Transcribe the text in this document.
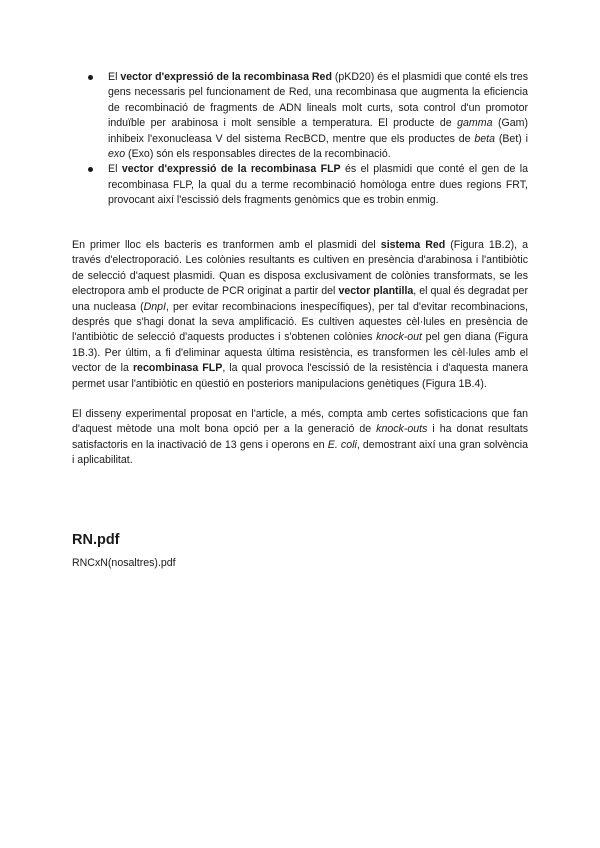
El vector d'expressió de la recombinasa Red (pKD20) és el plasmidi que conté els tres gens necessaris pel funcionament de Red, una recombinasa que augmenta la eficiencia de recombinació de fragments de ADN lineals molt curts, sota control d'un promotor induïble per arabinosa i molt sensible a temperatura. El producte de gamma (Gam) inhibeix l'exonucleasa V del sistema RecBCD, mentre que els productes de beta (Bet) i exo (Exo) són els responsables directes de la recombinació.
El vector d'expressió de la recombinasa FLP és el plasmidi que conté el gen de la recombinasa FLP, la qual du a terme recombinació homòloga entre dues regions FRT, provocant així l'escissió dels fragments genòmics que es trobin enmig.

En primer lloc els bacteris es tranformen amb el plasmidi del sistema Red (Figura 1B.2), a través d'electroporació. Les colònies resultants es cultiven en presència d'arabinosa i l'antibiòtic de selecció d'aquest plasmidi. Quan es disposa exclusivament de colònies transformats, se les electropora amb el producte de PCR originat a partir del vector plantilla, el qual és degradat per una nucleasa (DnpI, per evitar recombinacions inespecífiques), per tal d'evitar recombinacions, després que s'hagi donat la seva amplificació. Es cultiven aquestes cèl·lules en presència de l'antibiòtic de selecció d'aquests productes i s'obtenen colònies knock-out pel gen diana (Figura 1B.3). Per últim, a fi d'eliminar aquesta última resistència, es transformen les cèl·lules amb el vector de la recombinasa FLP, la qual provoca l'escissió de la resistència i d'aquesta manera permet usar l'antibiòtic en qüestió en posteriors manipulacions genètiques (Figura 1B.4).

El disseny experimental proposat en l'article, a més, compta amb certes sofisticacions que fan d'aquest mètode una molt bona opció per a la generació de knock-outs i ha donat resultats satisfactoris en la inactivació de 13 gens i operons en E. coli, demostrant així una gran solvència i aplicabilitat.

RN.pdf

RNCxN(nosaltres).pdf
